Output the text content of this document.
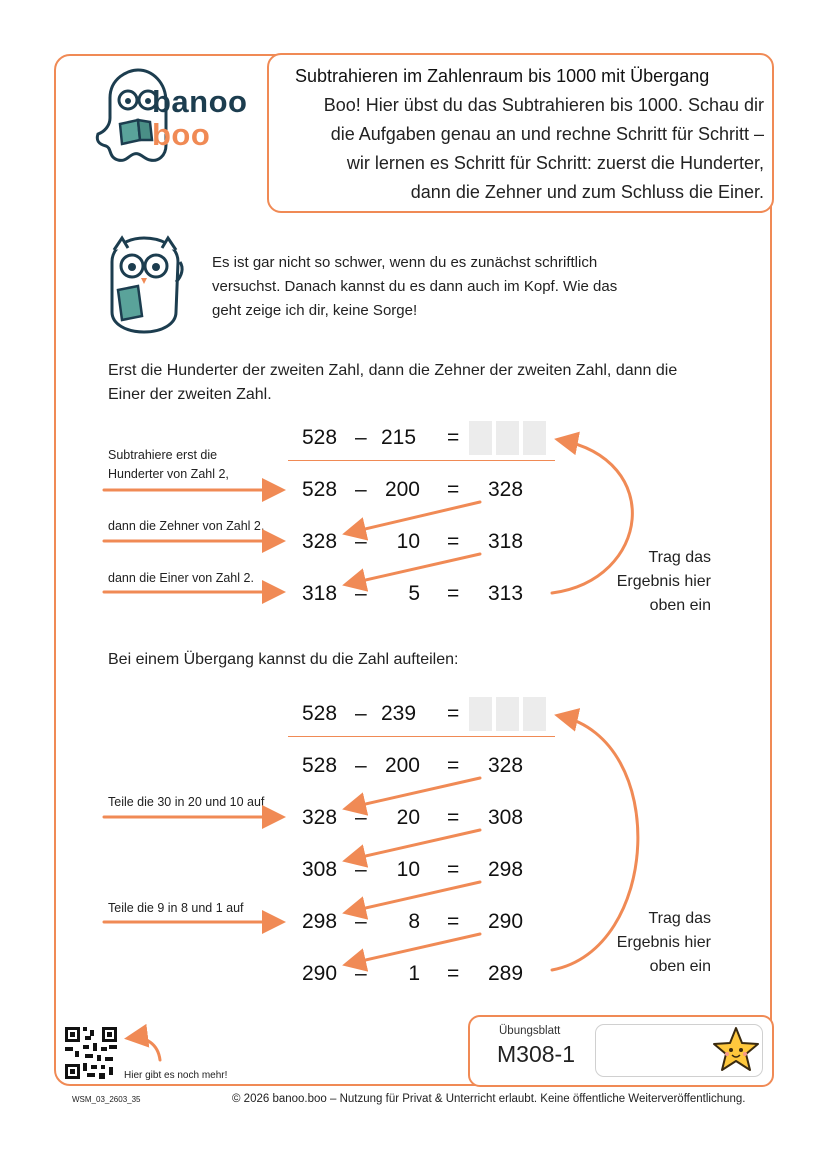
banoo
boo
Subtrahieren im Zahlenraum bis 1000 mit Übergang
Boo! Hier übst du das Subtrahieren bis 1000. Schau dir
die Aufgaben genau an und rechne Schritt für Schritt –
wir lernen es Schritt für Schritt: zuerst die Hunderter,
dann die Zehner und zum Schluss die Einer.
Es ist gar nicht so schwer, wenn du es zunächst schriftlich
versuchst. Danach kannst du es dann auch im Kopf. Wie das
geht zeige ich dir, keine Sorge!
Erst die Hunderter der zweiten Zahl, dann die Zehner der zweiten Zahl, dann die
Einer der zweiten Zahl.
528 – 215 =
Subtrahiere erst die
Hunderter von Zahl 2,
dann die Zehner von Zahl 2,
dann die Einer von Zahl 2.
528 – 200 = 328
328 –	10 = 318
318 –	5 = 313
Trag das
Ergebnis hier
oben ein
Bei einem Übergang kannst du die Zahl aufteilen:
528 – 239 =
Teile die 30 in 20 und 10 auf
Teile die 9 in 8 und 1 auf
528 – 200 = 328
328 –	20 = 308
308 –	10 = 298
298 –	8 = 290
290 –	1 = 289
Trag das
Ergebnis hier
oben ein
Hier gibt es noch mehr!
Übungsblatt
M308-1
WSM_03_2603_35	© 2026 banoo.boo – Nutzung für Privat & Unterricht erlaubt. Keine öffentliche Weiterveröffentlichung.
